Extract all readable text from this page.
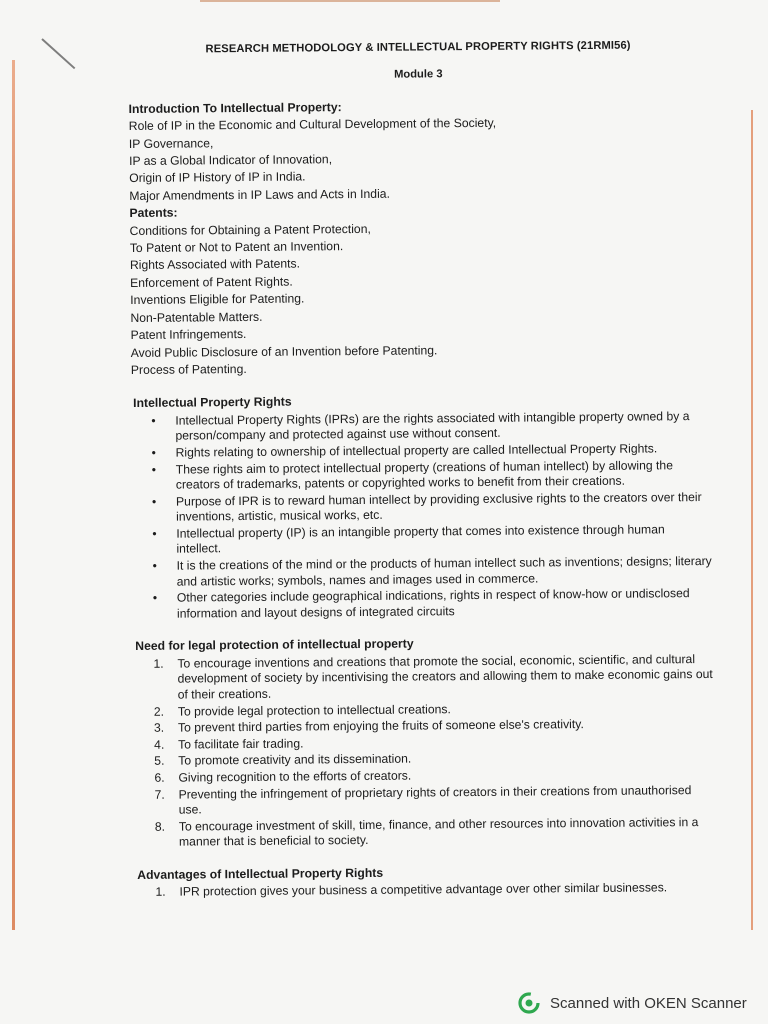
RESEARCH METHODOLOGY & INTELLECTUAL PROPERTY RIGHTS (21RMI56)

Module 3

Introduction To Intellectual Property:

Role of IP in the Economic and Cultural Development of the Society,

IP Governance,

IP as a Global Indicator of Innovation,

Origin of IP History of IP in India.

Major Amendments in IP Laws and Acts in India.

Patents:

Conditions for Obtaining a Patent Protection,

To Patent or Not to Patent an Invention.

Rights Associated with Patents.

Enforcement of Patent Rights.

Inventions Eligible for Patenting.

Non-Patentable Matters.

Patent Infringements.

Avoid Public Disclosure of an Invention before Patenting.

Process of Patenting.

Intellectual Property Rights

• Intellectual Property Rights (IPRs) are the rights associated with intangible property owned by a person/company and protected against use without consent.
• Rights relating to ownership of intellectual property are called Intellectual Property Rights.
• These rights aim to protect intellectual property (creations of human intellect) by allowing the creators of trademarks, patents or copyrighted works to benefit from their creations.
• Purpose of IPR is to reward human intellect by providing exclusive rights to the creators over their inventions, artistic, musical works, etc.
• Intellectual property (IP) is an intangible property that comes into existence through human intellect.
• It is the creations of the mind or the products of human intellect such as inventions; designs; literary and artistic works; symbols, names and images used in commerce.
• Other categories include geographical indications, rights in respect of know-how or undisclosed information and layout designs of integrated circuits

Need for legal protection of intellectual property

1. To encourage inventions and creations that promote the social, economic, scientific, and cultural development of society by incentivising the creators and allowing them to make economic gains out of their creations.
2. To provide legal protection to intellectual creations.
3. To prevent third parties from enjoying the fruits of someone else's creativity.
4. To facilitate fair trading.
5. To promote creativity and its dissemination.
6. Giving recognition to the efforts of creators.
7. Preventing the infringement of proprietary rights of creators in their creations from unauthorised use.
8. To encourage investment of skill, time, finance, and other resources into innovation activities in a manner that is beneficial to society.

Advantages of Intellectual Property Rights

1. IPR protection gives your business a competitive advantage over other similar businesses.
Scanned with OKEN Scanner
